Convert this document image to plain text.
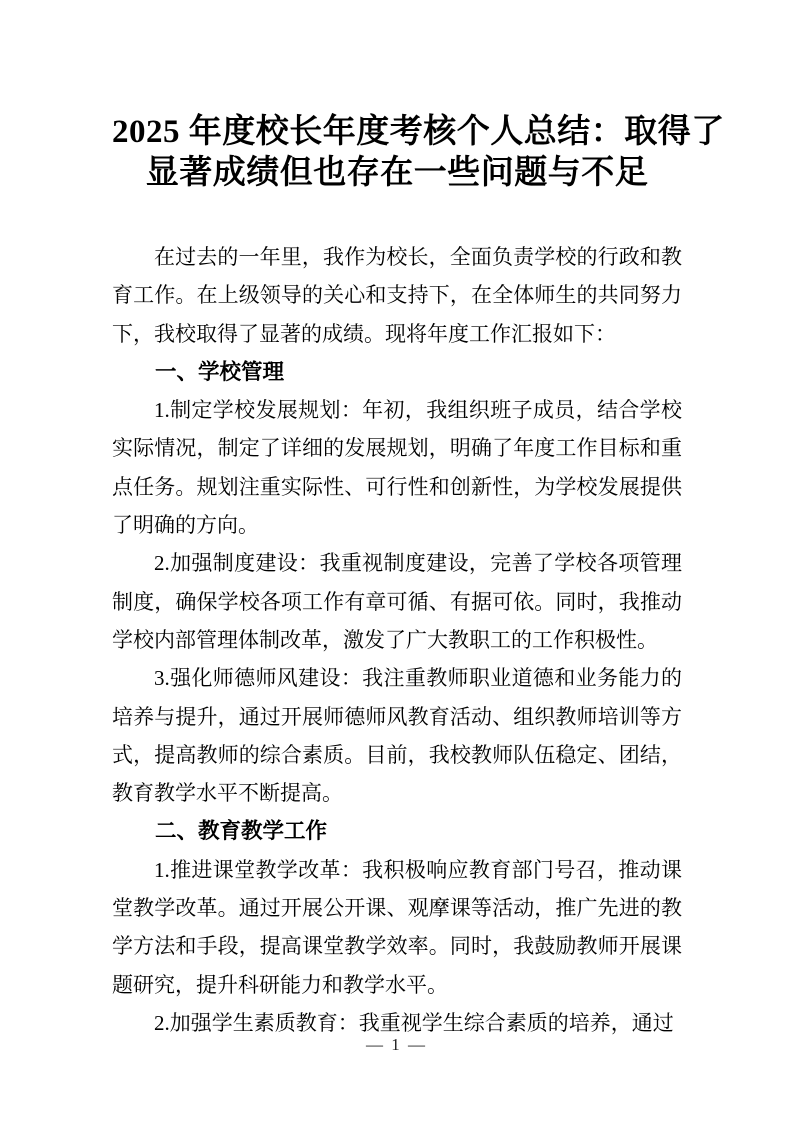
2025 年度校长年度考核个人总结：取得了
显著成绩但也存在一些问题与不足

在过去的一年里，我作为校长，全面负责学校的行政和教育工作。在上级领导的关心和支持下，在全体师生的共同努力下，我校取得了显著的成绩。现将年度工作汇报如下：

一、学校管理

1.制定学校发展规划：年初，我组织班子成员，结合学校实际情况，制定了详细的发展规划，明确了年度工作目标和重点任务。规划注重实际性、可行性和创新性，为学校发展提供了明确的方向。

2.加强制度建设：我重视制度建设，完善了学校各项管理制度，确保学校各项工作有章可循、有据可依。同时，我推动学校内部管理体制改革，激发了广大教职工的工作积极性。

3.强化师德师风建设：我注重教师职业道德和业务能力的培养与提升，通过开展师德师风教育活动、组织教师培训等方式，提高教师的综合素质。目前，我校教师队伍稳定、团结，教育教学水平不断提高。

二、教育教学工作

1.推进课堂教学改革：我积极响应教育部门号召，推动课堂教学改革。通过开展公开课、观摩课等活动，推广先进的教学方法和手段，提高课堂教学效率。同时，我鼓励教师开展课题研究，提升科研能力和教学水平。

2.加强学生素质教育：我重视学生综合素质的培养，通过

— 1 —
